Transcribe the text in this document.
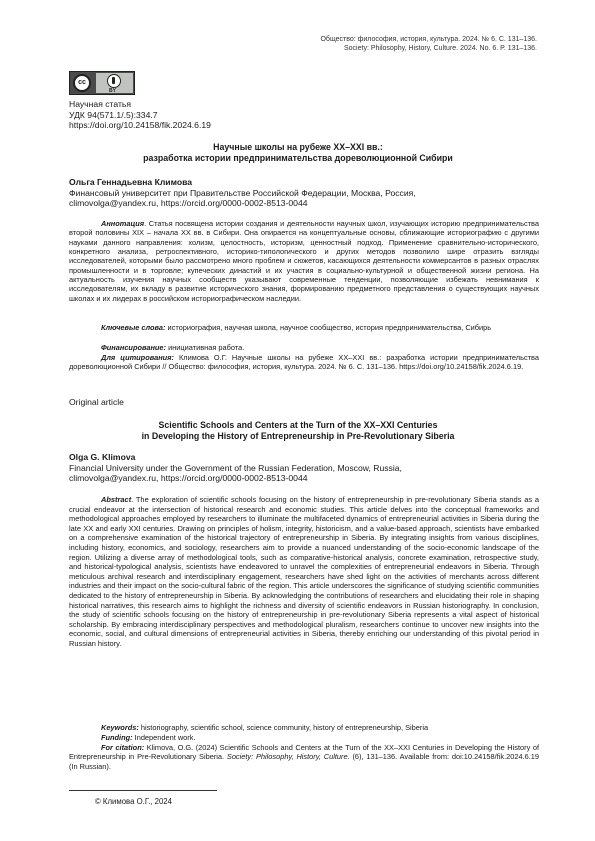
Общество: философия, история, культура. 2024. № 6. С. 131–136.
Society: Philosophy, History, Culture. 2024. No. 6. P. 131–136.
cc
BY
Научная статья
УДК 94(571.1/.5):334.7
https://doi.org/10.24158/fik.2024.6.19
Научные школы на рубеже XX–XXI вв.:
разработка истории предпринимательства дореволюционной Сибири
Ольга Геннадьевна Климова
Финансовый университет при Правительстве Российской Федерации, Москва, Россия,
climovolga@yandex.ru, https://orcid.org/0000-0002-8513-0044

Аннотация. Статья посвящена истории создания и деятельности научных школ, изучающих историю предпринимательства второй половины XIX – начала XX вв. в Сибири. Она опирается на концептуальные основы, сближающие историографию с другими науками данного направления: холизм, целостность, историзм, ценностный подход. Применение сравнительно-исторического, конкретного анализа, ретроспективного, историко-типологического и других методов позволило шире отразить взгляды исследователей, которыми было рассмотрено много проблем и сюжетов, касающихся деятельности коммерсантов в разных отраслях промышленности и в торговле; купеческих династий и их участия в социально-культурной и общественной жизни региона. На актуальность изучения научных сообществ указывают современные тенденции, позволяющие избежать невнимания к исследователям, их вкладу в развитие исторического знания, формированию предметного представления о существующих научных школах и их лидерах в российском историографическом наследии.

Ключевые слова: историография, научная школа, научное сообщество, история предпринимательства, Сибирь
Финансирование: инициативная работа.
Для цитирования: Климова О.Г. Научные школы на рубеже XX–XXI вв.: разработка истории предпринимательства дореволюционной Сибири // Общество: философия, история, культура. 2024. № 6. С. 131–136. https://doi.org/10.24158/fik.2024.6.19.
Original article
Scientific Schools and Centers at the Turn of the XX–XXI Centuries
in Developing the History of Entrepreneurship in Pre-Revolutionary Siberia
Olga G. Klimova
Financial University under the Government of the Russian Federation, Moscow, Russia,
climovolga@yandex.ru, https://orcid.org/0000-0002-8513-0044

Abstract. The exploration of scientific schools focusing on the history of entrepreneurship in pre-revolutionary Siberia stands as a crucial endeavor at the intersection of historical research and economic studies. This article delves into the conceptual frameworks and methodological approaches employed by researchers to illuminate the multifaceted dynamics of entrepreneurial activities in Siberia during the late XX and early XXI centuries. Drawing on principles of holism, integrity, historicism, and a value-based approach, scientists have embarked on a comprehensive examination of the historical trajectory of entrepreneurship in Siberia. By integrating insights from various disciplines, including history, economics, and sociology, researchers aim to provide a nuanced understanding of the socio-economic landscape of the region. Utilizing a diverse array of methodological tools, such as comparative-historical analysis, concrete examination, retrospective study, and historical-typological analysis, scientists have endeavored to unravel the complexities of entrepreneurial endeavors in Siberia. Through meticulous archival research and interdisciplinary engagement, researchers have shed light on the activities of merchants across different industries and their impact on the socio-cultural fabric of the region. This article underscores the significance of studying scientific communities dedicated to the history of entrepreneurship in Siberia. By acknowledging the contributions of researchers and elucidating their role in shaping historical narratives, this research aims to highlight the richness and diversity of scientific endeavors in Russian historiography. In conclusion, the study of scientific schools focusing on the history of entrepreneurship in pre-revolutionary Siberia represents a vital aspect of historical scholarship. By embracing interdisciplinary perspectives and methodological pluralism, researchers continue to uncover new insights into the economic, social, and cultural dimensions of entrepreneurial activities in Siberia, thereby enriching our understanding of this pivotal period in Russian history.

Keywords: historiography, scientific school, science community, history of entrepreneurship, Siberia
Funding: Independent work.
For citation: Klimova, O.G. (2024) Scientific Schools and Centers at the Turn of the XX–XXI Centuries in Developing the History of Entrepreneurship in Pre-Revolutionary Siberia. Society: Philosophy, History, Culture. (6), 131–136. Available from: doi:10.24158/fik.2024.6.19 (In Russian).
© Климова О.Г., 2024
